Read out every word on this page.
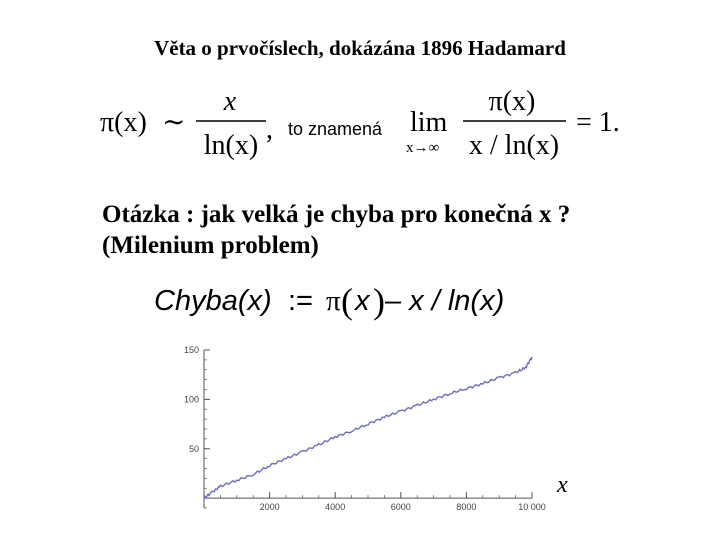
Věta o prvočíslech, dokázána 1896 Hadamard
π(x) ∼
x
ln(x)
, to znamená lim
x→∞
π(x)
x / ln(x)
= 1.
Otázka : jak velká je chyba pro konečná x ?
(Milenium problem)
Chyba(x) := π ( x ) – x / ln(x)
50
100
150
2000	4000	6000	8000	10 000
x
